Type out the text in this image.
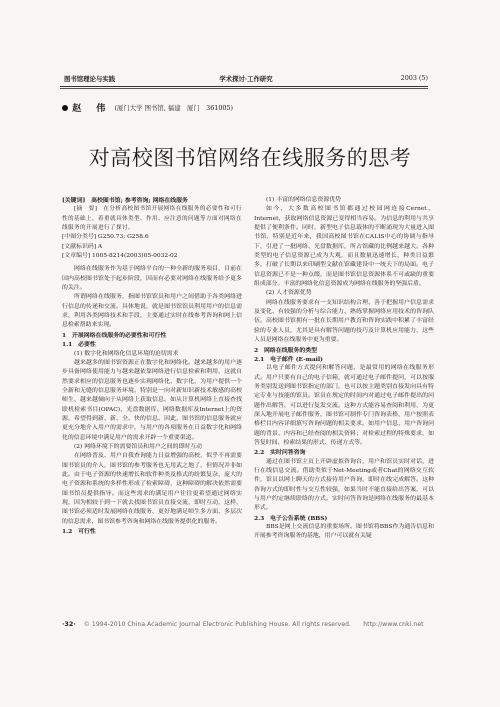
图书馆理论与实践	学术探讨·工作研究	2003 (5)
赵　伟 (厦门大学 图书馆, 福建　厦门　361005)
对高校图书馆网络在线服务的思考

[关键词]　高校图书馆; 参考咨询; 网络在线服务

[摘　要]　在分析高校图书馆开展网络在线服务的必要性和可行性的基础上，着重就具体类型、作用、应注意的问题等方面对网络在线服务的开展进行了探讨。

[中图分类号] G250.73; G258.6

[文献标识码] A

[文章编号] 1005-8214(2003)05-0032-02

网络在线服务作为基于网络平台的一种全新的服务项目，目前在国内高校图书馆处于起步阶段，因而有必要对网络在线服务给予更多的关注。

所谓网络在线服务，指图书馆馆员和用户之间借助于各类网络进行信息的传递和交流。具体地说，就是图书馆馆员利用用户的信息需求，利用各类网络技术和手段，主要通过实时在线参考咨询和网上信息检索帮助来实现。

1　开展网络在线服务的必要性和可行性

1.1　必要性

(1) 数字化和网络化信息环境的迫切需求

越来越多的图书馆资源正在数字化和网络化。越来越多的用户逐步具备网络使用能力与越来越依靠网络进行信息检索和利用，这就自然要求相应的信息服务也逐步实现网络化、数字化，为用户提供一个全新和无缝的信息服务环境。特别是一向对新知识新技术敏感的高校师生，越来越倾向于从网络上获取信息。如从计算机网络上直接查找联机检索书目(OPAC)、光盘数据库、网络数据库及Internet上的资源，希望得到新、新、全、快的信息。因此，图书馆的信息服务就应更充分地介入用户的需求中，与用户的各项服务在日益数字化和网络化的信息环境中满足用户的需求开辟一个重要渠道。

(2) 网络环境下的需要馆员和用户之间的即时互动

在网络普及、用户自我查询能力日益增强的高校，似乎不再需要图书馆员的介入，图书馆的参考服务也无用武之地了，但情况并非如此。由于电子资源的快速增长和软件种类及格式的纷繁复杂，庞大的电子资源和系统的多样性形成了检索障碍，这种障碍的解决依然需要图书馆员提供指导。而这些需求的满足用户往往更希望通过网络实现，因为相较于到一下就去找图书馆员直接交流，即时互动，这样，图书馆必须适时发展网络在线服务，更好地满足师生多方面、多层次的信息需求，图书馆参考咨询和网络在线服务提供化的服务。

1.2　可行性

(1) 丰富的网络信息资源优势

如今，大多数高校图书馆都通过校园网连接Cernet、Internet，获取网络信息资源已变得相当容易。为信息的利用与共享提供了便利条件。同时，新型电子信息载体的不断涌现为大量进入图书馆，特别是近年来，我国高校图书馆在CALIS中心的协调与指导下，引进了一批网络、光盘数据库，所占馆藏的比例越来越大。各种类型的电子信息资源已成为大观，而且数量迅速增长，种类日益繁多，打破了长期以来印刷型文献在馆藏建设中一统天下的局面。电子信息资源已不是一种点缀，而是图书馆信息资源体系不可或缺的重要组成部分。丰富的网络化信息资源成为网络在线服务的坚强后盾。

(2) 人才资源优势

网络在线服务要求有一支知识结构合理、善于把握用户信息需求及变化、有较强的分析与综合能力、熟练掌握网络应用技术的咨询队伍。高校图书馆拥有一批在长期用户教育和咨询实践中积累了丰富经验的专业人员，尤其是具有解答问题的技巧及计算机应用能力，这些人员是网络在线服务中更为重要。

2　网络在线服务的类型

2.1　电子邮件 (E-mail)

以电子邮件方式提问和解答问题，是最常用的网络在线服务形式。用户只要有自己的电子信箱，就可通过电子邮件提问，可以按服务类别发送到图书馆指定的部门，也可以按主题类别直接发向具有特定专业与技能的馆员。馆员在规定的时间内对通过电子邮件提出的问题作出解答，可以进行复发交流。这种方式能容易查阅和利用，为更深入地开展电子邮件服务，图书馆可制作专门咨询表格，用户按照表格栏目内容详细填写咨询问题的相关要求。如用户信息，用户咨询问题的背景、内容和已经查阅的相关资料；对检索过程的特殊要求，如答复时间、检索结果的形式、传递方式等。

2.2　实时问答咨询

通过在图书馆主页上开辟虚拟咨询台，用户和馆员实时对话，进行在线信息交流。借助类似于Net-Meeting或者Chat的网络交互软件，馆员以网上聊天的方式接待用户咨询，即时在线完成解答。这种咨询方式的即时性与交互性较强，如果当时不能直接给出答案，可以与用户约定继续联络的方式。实时问答咨询是网络在线服务的最基本形式。

2.3　电子公告系统 (BBS)

BBS是网上交流信息的重要场所。图书馆将BBS作为通告信息和开展参考咨询服务的基地，用户可以就有关疑

·32· © 1994-2010 China Academic Journal Electronic Publishing House. All rights reserved.　　http://www.cnki.net
